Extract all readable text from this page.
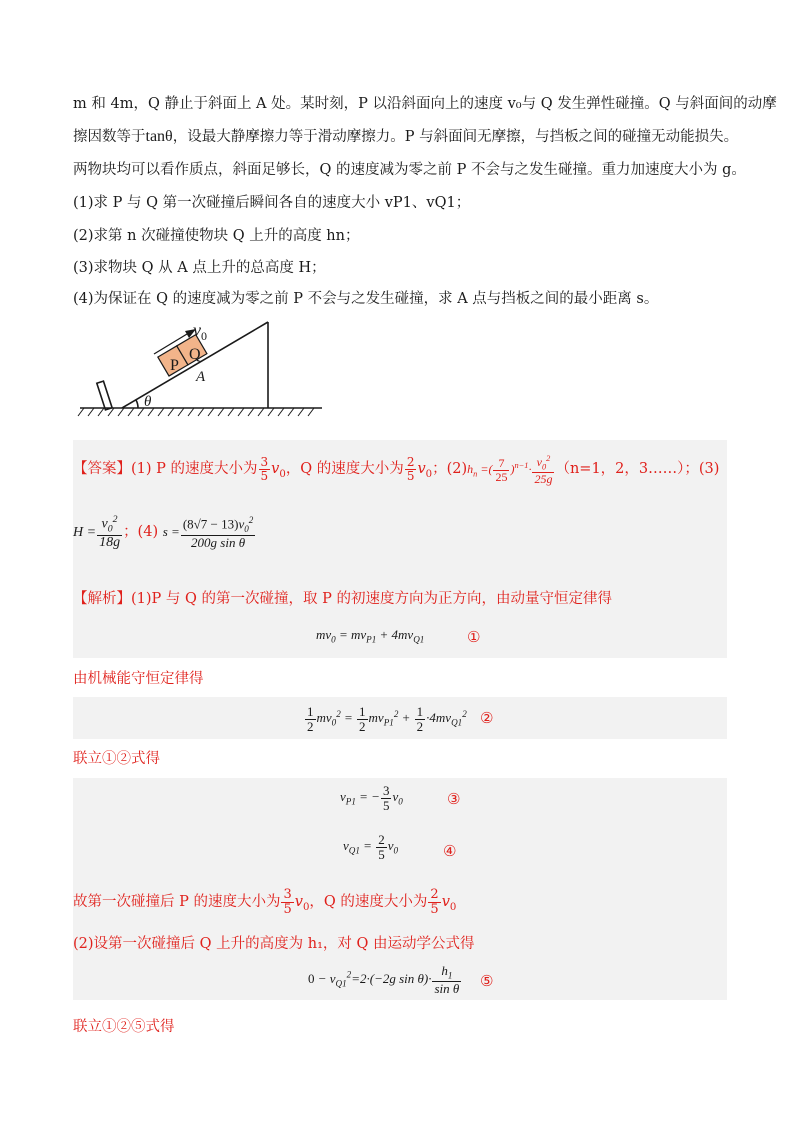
m 和 4m，Q 静止于斜面上 A 处。某时刻，P 以沿斜面向上的速度 v₀与 Q 发生弹性碰撞。Q 与斜面间的动摩
擦因数等于tanθ，设最大静摩擦力等于滑动摩擦力。P 与斜面间无摩擦，与挡板之间的碰撞无动能损失。
两物块均可以看作质点，斜面足够长，Q 的速度减为零之前 P 不会与之发生碰撞。重力加速度大小为 g。
(1)求 P 与 Q 第一次碰撞后瞬间各自的速度大小 vP1、vQ1；
(2)求第 n 次碰撞使物块 Q 上升的高度 hn；
(3)求物块 Q 从 A 点上升的总高度 H；
(4)为保证在 Q 的速度减为零之前 P 不会与之发生碰撞，求 A 点与挡板之间的最小距离 s。
P
Q
A
θ
$v_0$
【答案】(1) P 的速度大小为 $\frac{3}{5} v_0$，Q 的速度大小为 $\frac{2}{5} v_0$；$(2)h_n$ =( $\frac{7}{25} )^{n-1}\cdot \frac{v_0^2}{25g} (n=1$，2，3……）；(3)
$H = \frac{v_0^2}{18g}$ ；(4) $s = \frac{(8√7 - 13)v_0^2}{\text{200g sin θ}}$
【解析】(1)P 与 Q 的第一次碰撞，取 P 的初速度方向为正方向，由动量守恒定律得
$mv_0 = mv_{P1} + 4mv_{Q1}$	①
由机械能守恒定律得
$\frac{1}{2} mv_0^2 = \frac{1}{2} mv_{P1}^2 + \frac{1}{2} \cdot 4mv_{Q1}^2$ ②
联立①②式得
$v_{P1}$ = − $\frac{3}{5} v_0$	③
$v_{Q1} = \frac{2}{5} v_0$	④
故第一次碰撞后 P 的速度大小为 $\frac{3}{5} v_0$，Q 的速度大小为 $\frac{2}{5} v_0$
(2)设第一次碰撞后 Q 上升的高度为 h₁，对 Q 由运动学公式得
$0 - v_{Q1}^2=2\cdot(-2g$ $\sin \theta)\cdot \frac{h_1}{\text{sin θ}}$ ⑤
联立①②⑤式得
